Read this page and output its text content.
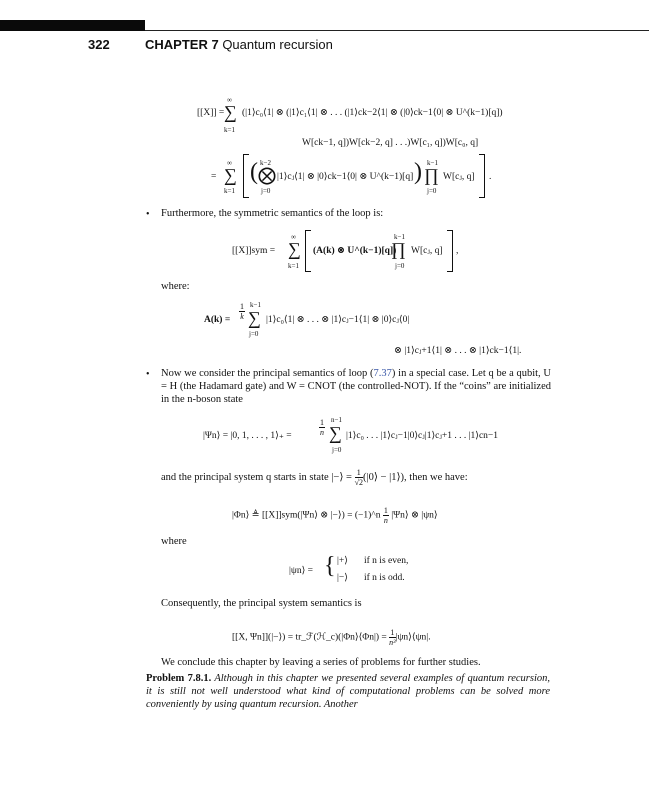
322	CHAPTER 7 Quantum recursion
[[X]] =
∞
∑
k=1
(|1⟩c₀⟨1| ⊗ (|1⟩c₁⟨1| ⊗ . . . (|1⟩ck−2⟨1| ⊗ (|0⟩ck−1⟨0| ⊗ U^(k−1)[q])
W[ck−1, q])W[ck−2, q] . . .)W[c₁, q])W[c₀, q]
=
∞
∑
k=1
( k−2
⨂
j=0
|1⟩cⱼ⟨1| ⊗ |0⟩ck−1⟨0| ⊗ U^(k−1)[q] ) k−1
∏
j=0
W[cⱼ, q] .
• Furthermore, the symmetric semantics of the loop is:
[[X]]sym =
∞
∑
k=1
(A(k) ⊗ U^(k−1)[q])
k−1
∏
j=0
W[cⱼ, q] ,
where:
$A(k) = \frac{1}{k} k-1$
∑
j=0
|1⟩c₀⟨1| ⊗ . . . ⊗ |1⟩cⱼ−1⟨1| ⊗ |0⟩cⱼ⟨0|
⊗ |1⟩cⱼ+1⟨1| ⊗ . . . ⊗ |1⟩ck−1⟨1|.
• Now we consider the principal semantics of loop (7.37) in a special case. Let q be a qubit, U = H (the Hadamard gate) and W = CNOT (the controlled-NOT). If the “coins” are initialized in the n-boson state
|Ψn⟩ = |0, 1, . . . , 1⟩₊ =	$\frac{1}{n} n-1$
∑
j=0
|1⟩c₀ . . . |1⟩cⱼ−1|0⟩cⱼ|1⟩cⱼ+1 . . . |1⟩cn−1
and the principal system q starts in state |−⟩ = $\frac{1}{√2}$ (|0⟩ − |1⟩), then we have:
|Φn⟩ ≜ [[X]]sym(|Ψn⟩ ⊗ |−⟩) = (−1)^n $\frac{1}{n}$ |Ψn⟩ ⊗ |ψn⟩
where
|ψn⟩ = { |+⟩ if n is even,
|−⟩ if n is odd.
Consequently, the principal system semantics is
[[X, Ψn]](|−⟩) = tr_ℱ(ℋ_c)(|Φn⟩⟨Φn|) = $\frac{1}{\text{n³}}$ |ψn⟩⟨ψn|.
We conclude this chapter by leaving a series of problems for further studies.
Problem 7.8.1. Although in this chapter we presented several examples of quantum recursion, it is still not well understood what kind of computational problems can be solved more conveniently by using quantum recursion. Another
